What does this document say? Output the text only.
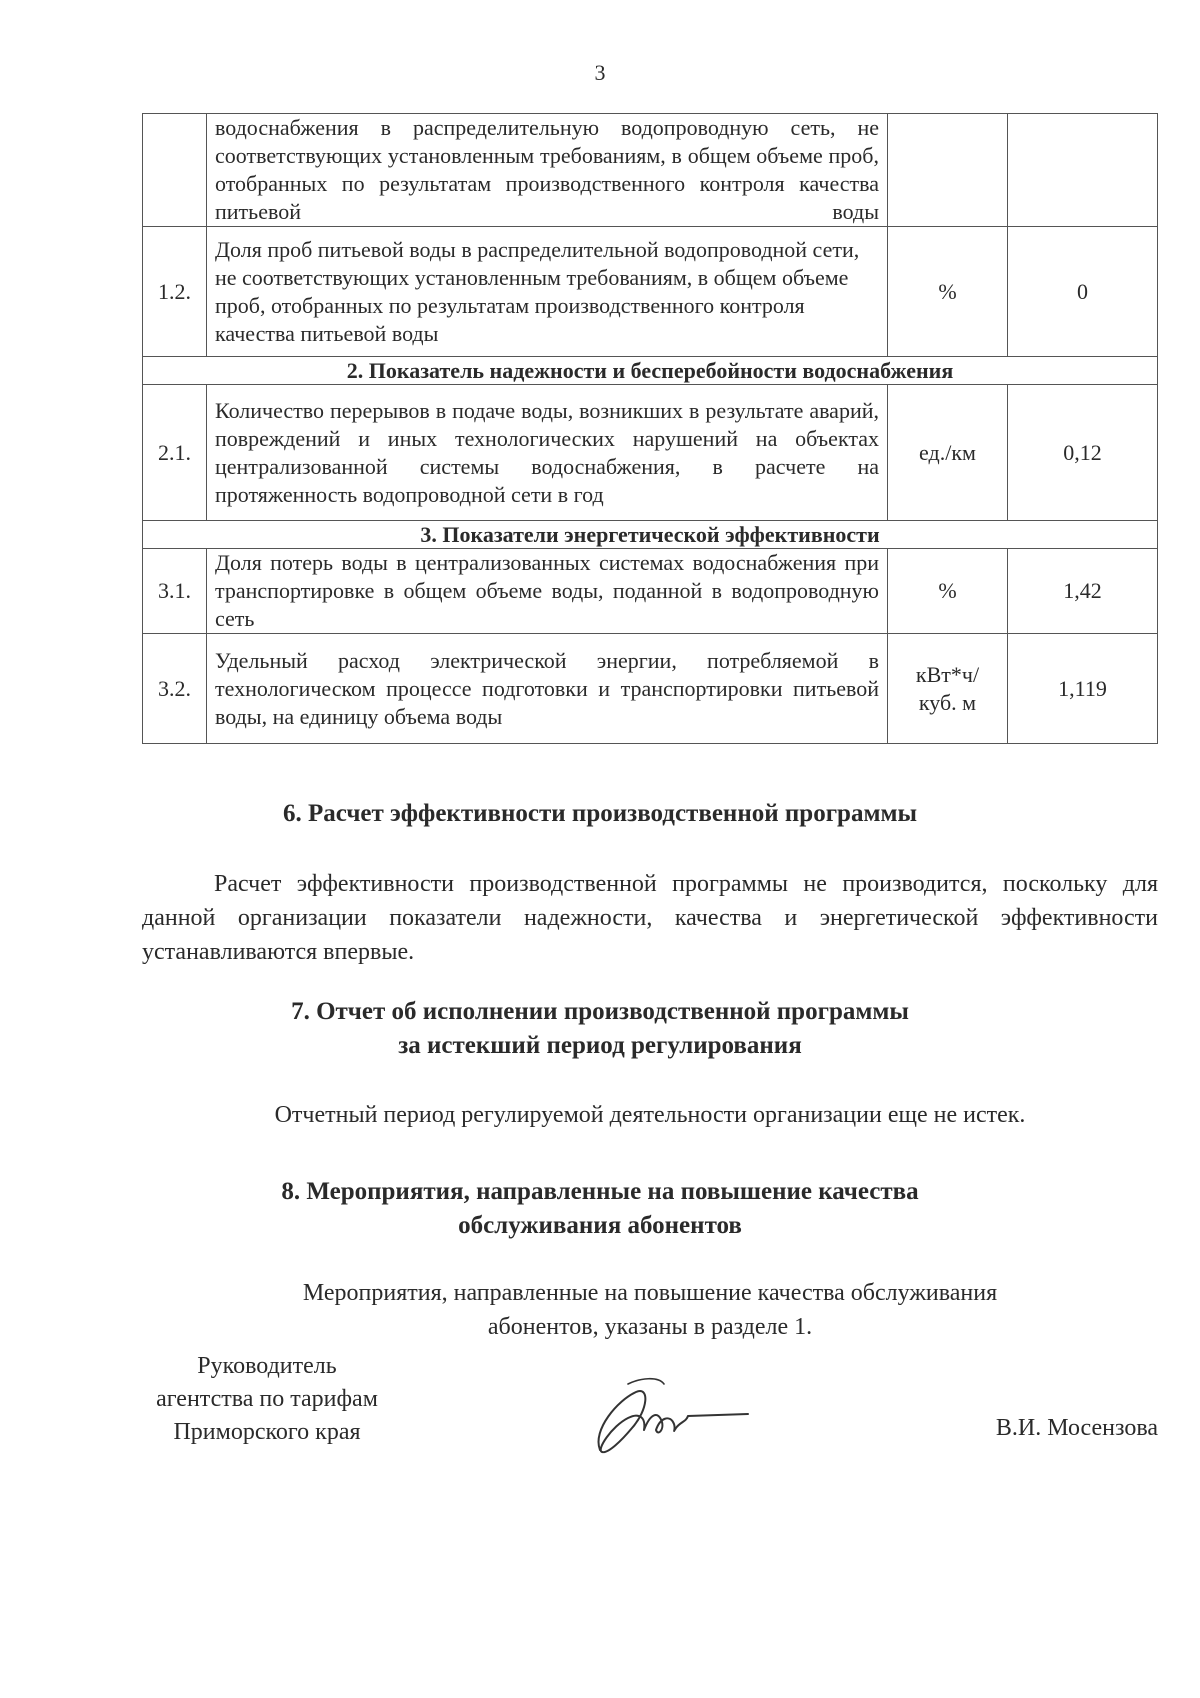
3
	водоснабжения в распределительную водопроводную сеть, не соответствующих установленным требованиям, в общем объеме проб, отобранных по результатам производственного контроля качества питьевой воды		
1.2.	Доля проб питьевой воды в распределительной водопроводной сети, не соответствующих установленным требованиям, в общем объеме проб, отобранных по результатам производственного контроля качества питьевой воды	%	0
2. Показатель надежности и бесперебойности водоснабжения			
2.1.	Количество перерывов в подаче воды, возникших в результате аварий, повреждений и иных технологических нарушений на объектах централизованной системы водоснабжения, в расчете на протяженность водопроводной сети в год	ед./км	0,12
3. Показатели энергетической эффективности			
3.1.	Доля потерь воды в централизованных системах водоснабжения при транспортировке в общем объеме воды, поданной в водопроводную сеть	%	1,42
3.2.	Удельный расход электрической энергии, потребляемой в технологическом процессе подготовки и транспортировки питьевой воды, на единицу объема воды	кВт*ч/ куб. м	1,119
6. Расчет эффективности производственной программы
Расчет эффективности производственной программы не производится, поскольку для данной организации показатели надежности, качества и энергетической эффективности устанавливаются впервые.
7. Отчет об исполнении производственной программы
за истекший период регулирования
Отчетный период регулируемой деятельности организации еще не истек.
8. Мероприятия, направленные на повышение качества
обслуживания абонентов
Мероприятия, направленные на повышение качества обслуживания
абонентов, указаны в разделе 1.
Руководитель
агентства по тарифам
Приморского края	В.И. Мосензова
